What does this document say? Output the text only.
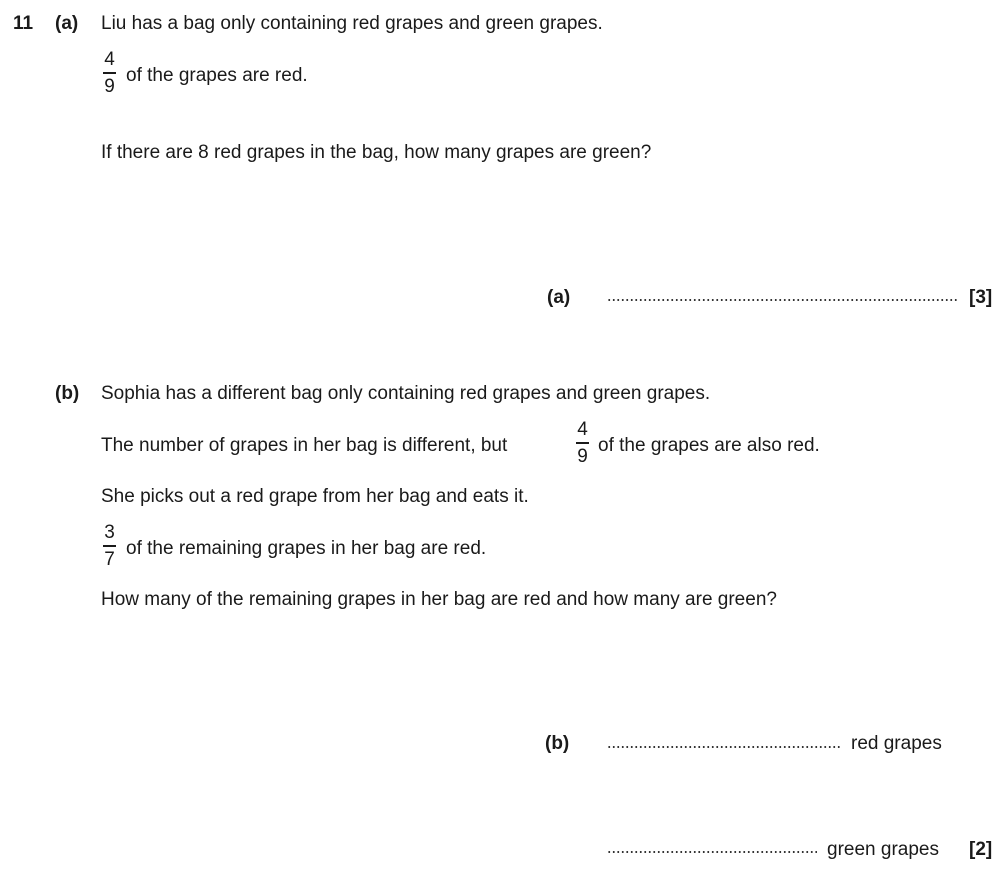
11 (a) Liu has a bag only containing red grapes and green grapes.
4
9 of the grapes are red.
If there are 8 red grapes in the bag, how many grapes are green?
(a)	[3]
(b) Sophia has a different bag only containing red grapes and green grapes.
The number of grapes in her bag is different, but
4
9 of the grapes are also red.
She picks out a red grape from her bag and eats it.
3
7 of the remaining grapes in her bag are red.
How many of the remaining grapes in her bag are red and how many are green?
(b)	red grapes
green grapes [2]
